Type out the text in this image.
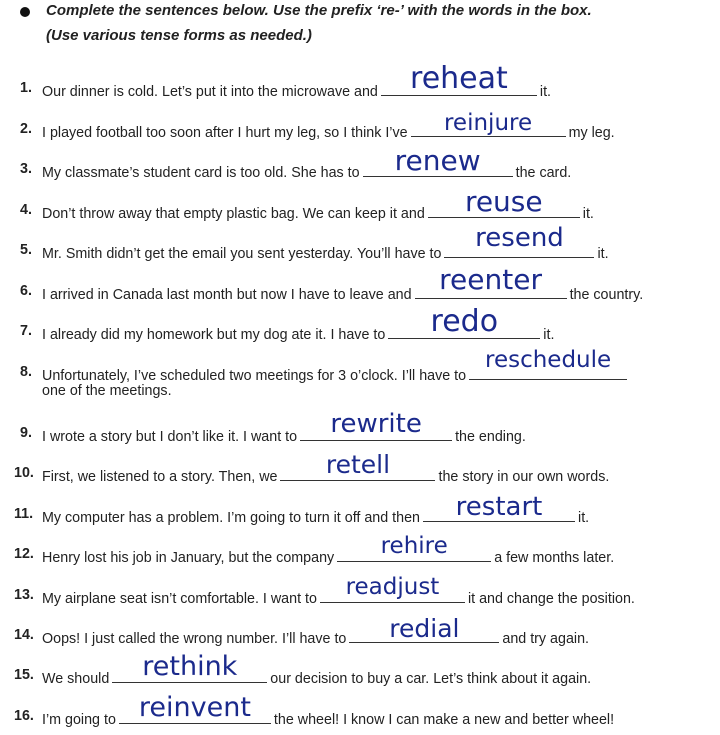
Complete the sentences below. Use the prefix ‘re-’ with the words in the box.
(Use various tense forms as needed.)
1. Our dinner is cold. Let’s put it into the microwave and	reheat	it.
2. I played football too soon after I hurt my leg, so I think I’ve	reinjure	my leg.
3. My classmate’s student card is too old. She has to	renew	the card.
4. Don’t throw away that empty plastic bag. We can keep it and	reuse	it.
5. Mr. Smith didn’t get the email you sent yesterday. You’ll have to
resend
it.
6. I arrived in Canada last month but now I have to leave and reenter	the country.
7. I already did my homework but my dog ate it. I have to	redo	it.
8. Unfortunately, I’ve scheduled two meetings for 3 o’clock. I’ll have to
reschedule
one of the meetings.
9. I wrote a story but I don’t like it. I want to	rewrite	the ending.
10. First, we listened to a story. Then, we	retell	the story in our own words.
11. My computer has a problem. I’m going to turn it off and then	restart	it.
12. Henry lost his job in January, but the company	rehire	a few months later.
13. My airplane seat isn’t comfortable. I want to	readjust	it and change the position.
14. Oops! I just called the wrong number. I’ll have to	redial	and try again.
15. We should	rethink	our decision to buy a car. Let’s think about it again.
16. I’m going to reinvent	the wheel! I know I can make a new and better wheel!
